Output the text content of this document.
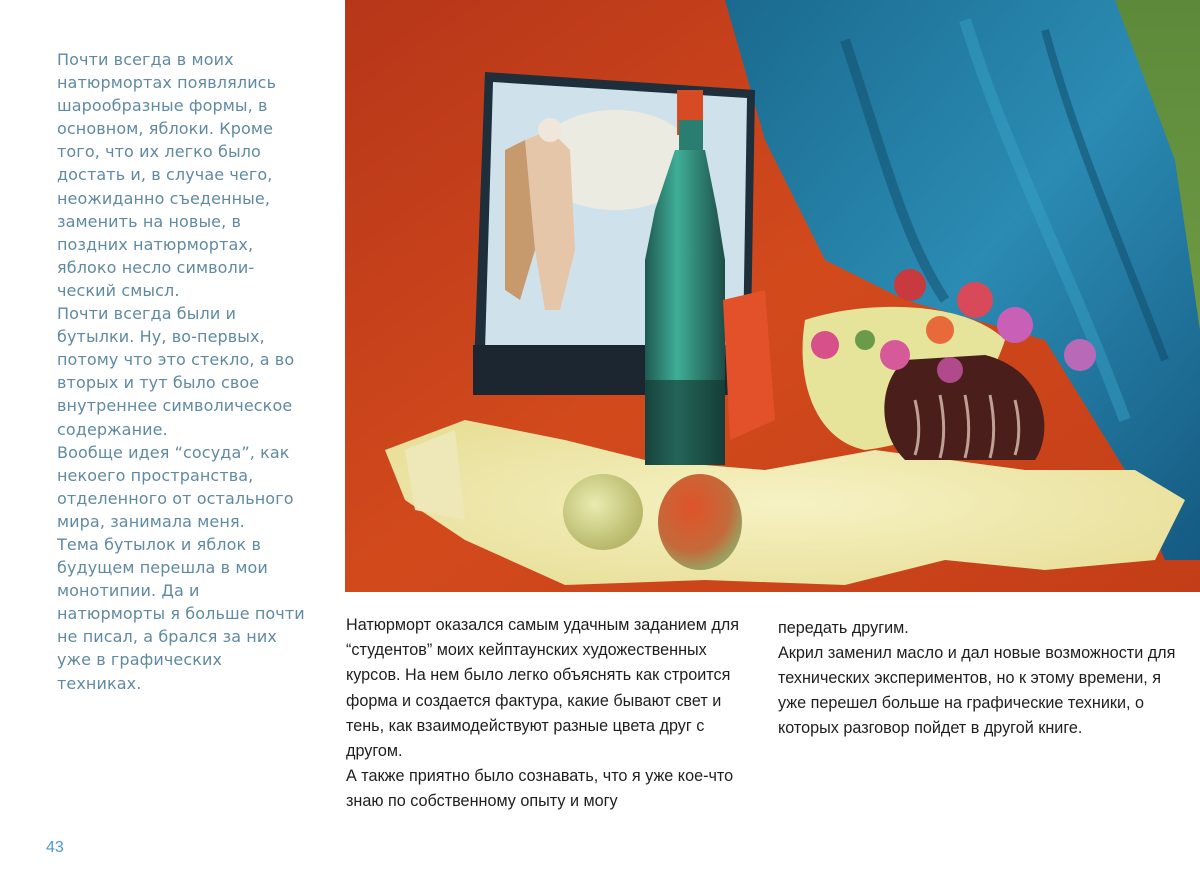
Почти всегда в моих натюрмортах появлялись шарообразные формы, в основном, яблоки. Кроме того, что их легко было достать и, в случае чего, неожиданно съеденные, заменить на новые, в поздних натюрмортах, яблоко несло символи-ческий смысл.

Почти всегда были и бутылки. Ну, во-первых, потому что это стекло, а во вторых и тут было свое внутреннее символическое содержание.

Вообще идея “сосуда”, как некоего пространства, отделенного от остального мира, занимала меня.

Тема бутылок и яблок в будущем перешла в мои монотипии. Да и натюрморты я больше почти не писал, а брался за них уже в графических техниках.

Натюрморт оказался самым удачным заданием для “студентов” моих кейптаунских художественных курсов. На нем было легко объяснять как строится форма и создается фактура, какие бывают свет и тень, как взаимодействуют разные цвета друг с другом.

А также приятно было сознавать, что я уже кое-что знаю по собственному опыту и могу

передать другим.

Акрил заменил масло и дал новые возможности для технических экспериментов, но к этому времени, я уже перешел больше на графические техники, о которых разговор пойдет в другой книге.

43
